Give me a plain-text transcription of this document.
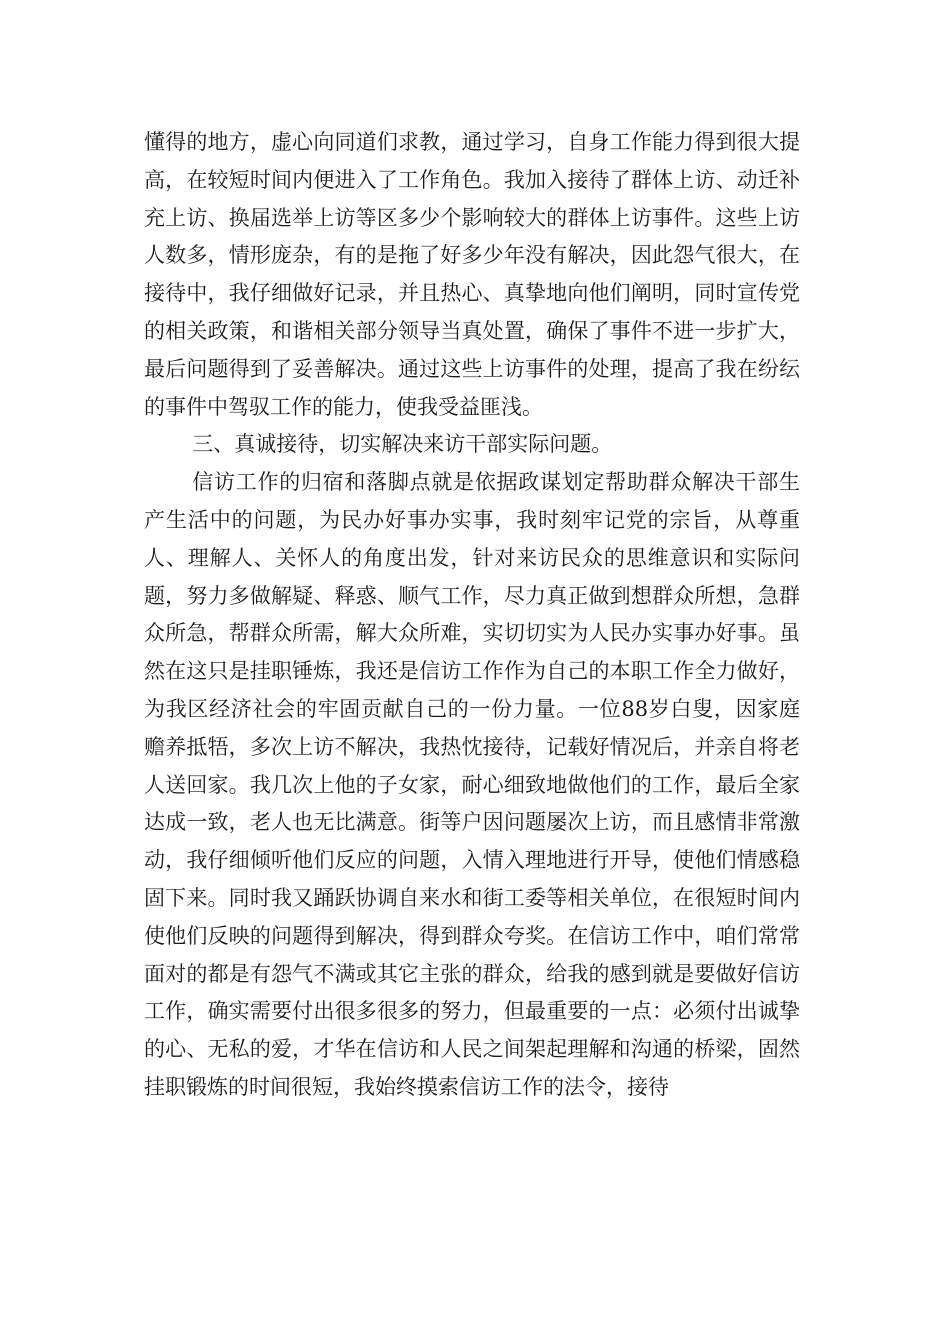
懂得的地方，虚心向同道们求教，通过学习，自身工作能力得到很大提高，在较短时间内便进入了工作角色。我加入接待了群体上访、动迁补充上访、换届选举上访等区多少个影响较大的群体上访事件。这些上访人数多，情形庞杂，有的是拖了好多少年没有解决，因此怨气很大，在接待中，我仔细做好记录，并且热心、真挚地向他们阐明，同时宣传党的相关政策，和谐相关部分领导当真处置，确保了事件不进一步扩大，最后问题得到了妥善解决。通过这些上访事件的处理，提高了我在纷纭的事件中驾驭工作的能力，使我受益匪浅。

三、真诚接待，切实解决来访干部实际问题。

信访工作的归宿和落脚点就是依据政谋划定帮助群众解决干部生产生活中的问题，为民办好事办实事，我时刻牢记党的宗旨，从尊重人、理解人、关怀人的角度出发，针对来访民众的思维意识和实际问题，努力多做解疑、释惑、顺气工作，尽力真正做到想群众所想，急群众所急，帮群众所需，解大众所难，实切切实为人民办实事办好事。虽然在这只是挂职锤炼，我还是信访工作作为自己的本职工作全力做好，为我区经济社会的牢固贡献自己的一份力量。一位88岁白叟，因家庭赡养抵牾，多次上访不解决，我热忱接待，记载好情况后，并亲自将老人送回家。我几次上他的子女家，耐心细致地做他们的工作，最后全家达成一致，老人也无比满意。街等户因问题屡次上访，而且感情非常激动，我仔细倾听他们反应的问题，入情入理地进行开导，使他们情感稳固下来。同时我又踊跃协调自来水和街工委等相关单位，在很短时间内使他们反映的问题得到解决，得到群众夸奖。在信访工作中，咱们常常面对的都是有怨气不满或其它主张的群众，给我的感到就是要做好信访工作，确实需要付出很多很多的努力，但最重要的一点：必须付出诚挚的心、无私的爱，才华在信访和人民之间架起理解和沟通的桥梁，固然挂职锻炼的时间很短，我始终摸索信访工作的法令，接待
